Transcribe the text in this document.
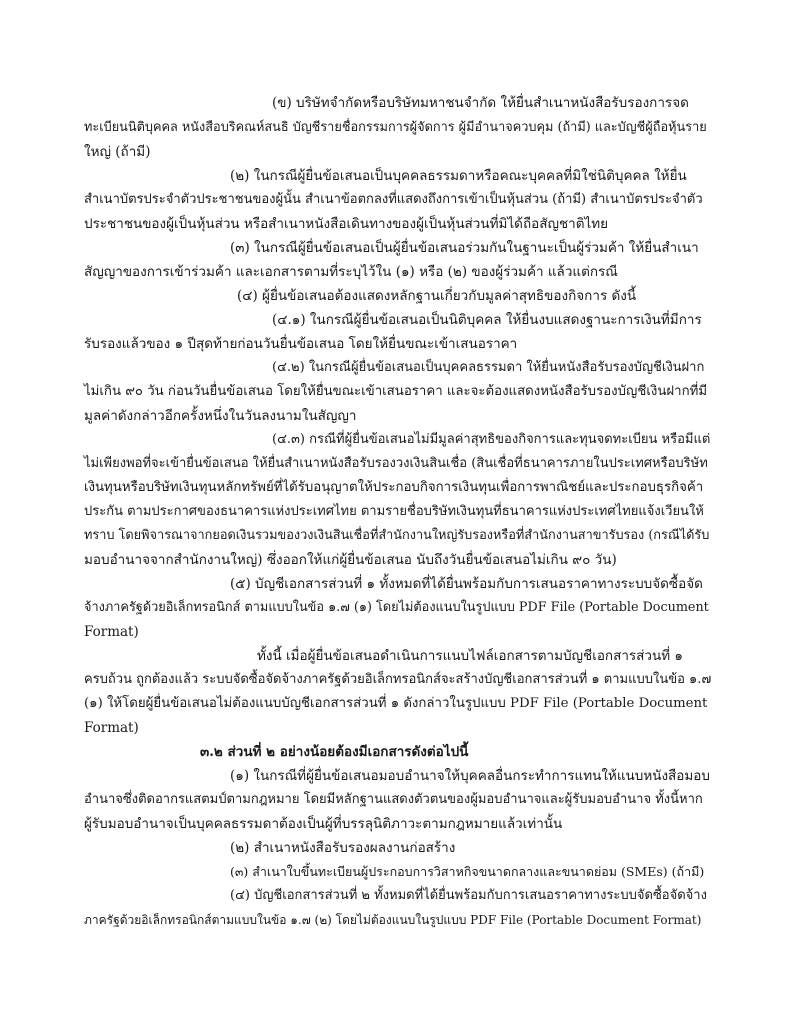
(ข) บริษัทจำกัดหรือบริษัทมหาชนจำกัด ให้ยื่นสำเนาหนังสือรับรองการจด
ทะเบียนนิติบุคคล หนังสือบริคณห์สนธิ บัญชีรายชื่อกรรมการผู้จัดการ ผู้มีอำนาจควบคุม (ถ้ามี) และบัญชีผู้ถือหุ้นราย
ใหญ่ (ถ้ามี)
(๒) ในกรณีผู้ยื่นข้อเสนอเป็นบุคคลธรรมดาหรือคณะบุคคลที่มิใช่นิติบุคคล ให้ยื่น
สำเนาบัตรประจำตัวประชาชนของผู้นั้น สำเนาข้อตกลงที่แสดงถึงการเข้าเป็นหุ้นส่วน (ถ้ามี) สำเนาบัตรประจำตัว
ประชาชนของผู้เป็นหุ้นส่วน หรือสำเนาหนังสือเดินทางของผู้เป็นหุ้นส่วนที่มิได้ถือสัญชาติไทย
(๓) ในกรณีผู้ยื่นข้อเสนอเป็นผู้ยื่นข้อเสนอร่วมกันในฐานะเป็นผู้ร่วมค้า ให้ยื่นสำเนา
สัญญาของการเข้าร่วมค้า และเอกสารตามที่ระบุไว้ใน (๑) หรือ (๒) ของผู้ร่วมค้า แล้วแต่กรณี
(๔) ผู้ยื่นข้อเสนอต้องแสดงหลักฐานเกี่ยวกับมูลค่าสุทธิของกิจการ ดังนี้
(๔.๑) ในกรณีผู้ยื่นข้อเสนอเป็นนิติบุคคล ให้ยื่นงบแสดงฐานะการเงินที่มีการ
รับรองแล้วของ ๑ ปีสุดท้ายก่อนวันยื่นข้อเสนอ โดยให้ยื่นขณะเข้าเสนอราคา
(๔.๒) ในกรณีผู้ยื่นข้อเสนอเป็นบุคคลธรรมดา ให้ยื่นหนังสือรับรองบัญชีเงินฝาก
ไม่เกิน ๙๐ วัน ก่อนวันยื่นข้อเสนอ โดยให้ยื่นขณะเข้าเสนอราคา และจะต้องแสดงหนังสือรับรองบัญชีเงินฝากที่มี
มูลค่าดังกล่าวอีกครั้งหนึ่งในวันลงนามในสัญญา
(๔.๓) กรณีที่ผู้ยื่นข้อเสนอไม่มีมูลค่าสุทธิของกิจการและทุนจดทะเบียน หรือมีแต่
ไม่เพียงพอที่จะเข้ายื่นข้อเสนอ ให้ยื่นสำเนาหนังสือรับรองวงเงินสินเชื่อ (สินเชื่อที่ธนาคารภายในประเทศหรือบริษัท
เงินทุนหรือบริษัทเงินทุนหลักทรัพย์ที่ได้รับอนุญาตให้ประกอบกิจการเงินทุนเพื่อการพาณิชย์และประกอบธุรกิจค้า
ประกัน ตามประกาศของธนาคารแห่งประเทศไทย ตามรายชื่อบริษัทเงินทุนที่ธนาคารแห่งประเทศไทยแจ้งเวียนให้
ทราบ โดยพิจารณาจากยอดเงินรวมของวงเงินสินเชื่อที่สำนักงานใหญ่รับรองหรือที่สำนักงานสาขารับรอง (กรณีได้รับ
มอบอำนาจจากสำนักงานใหญ่) ซึ่งออกให้แก่ผู้ยื่นข้อเสนอ นับถึงวันยื่นข้อเสนอไม่เกิน ๙๐ วัน)
(๕) บัญชีเอกสารส่วนที่ ๑ ทั้งหมดที่ได้ยื่นพร้อมกับการเสนอราคาทางระบบจัดซื้อจัด
จ้างภาครัฐด้วยอิเล็กทรอนิกส์ ตามแบบในข้อ ๑.๗ (๑) โดยไม่ต้องแนบในรูปแบบ PDF File (Portable Document
Format)
ทั้งนี้ เมื่อผู้ยื่นข้อเสนอดำเนินการแนบไฟล์เอกสารตามบัญชีเอกสารส่วนที่ ๑
ครบถ้วน ถูกต้องแล้ว ระบบจัดซื้อจัดจ้างภาครัฐด้วยอิเล็กทรอนิกส์จะสร้างบัญชีเอกสารส่วนที่ ๑ ตามแบบในข้อ ๑.๗
(๑) ให้โดยผู้ยื่นข้อเสนอไม่ต้องแนบบัญชีเอกสารส่วนที่ ๑ ดังกล่าวในรูปแบบ PDF File (Portable Document
Format)
๓.๒ ส่วนที่ ๒ อย่างน้อยต้องมีเอกสารดังต่อไปนี้
(๑) ในกรณีที่ผู้ยื่นข้อเสนอมอบอำนาจให้บุคคลอื่นกระทำการแทนให้แนบหนังสือมอบ
อำนาจซึ่งติดอากรแสตมป์ตามกฎหมาย โดยมีหลักฐานแสดงตัวตนของผู้มอบอำนาจและผู้รับมอบอำนาจ ทั้งนี้หาก
ผู้รับมอบอำนาจเป็นบุคคลธรรมดาต้องเป็นผู้ที่บรรลุนิติภาวะตามกฎหมายแล้วเท่านั้น
(๒) สำเนาหนังสือรับรองผลงานก่อสร้าง
(๓) สำเนาใบขึ้นทะเบียนผู้ประกอบการวิสาหกิจขนาดกลางและขนาดย่อม (SMEs) (ถ้ามี)
(๔) บัญชีเอกสารส่วนที่ ๒ ทั้งหมดที่ได้ยื่นพร้อมกับการเสนอราคาทางระบบจัดซื้อจัดจ้าง
ภาครัฐด้วยอิเล็กทรอนิกส์ตามแบบในข้อ ๑.๗ (๒) โดยไม่ต้องแนบในรูปแบบ PDF File (Portable Document Format)
